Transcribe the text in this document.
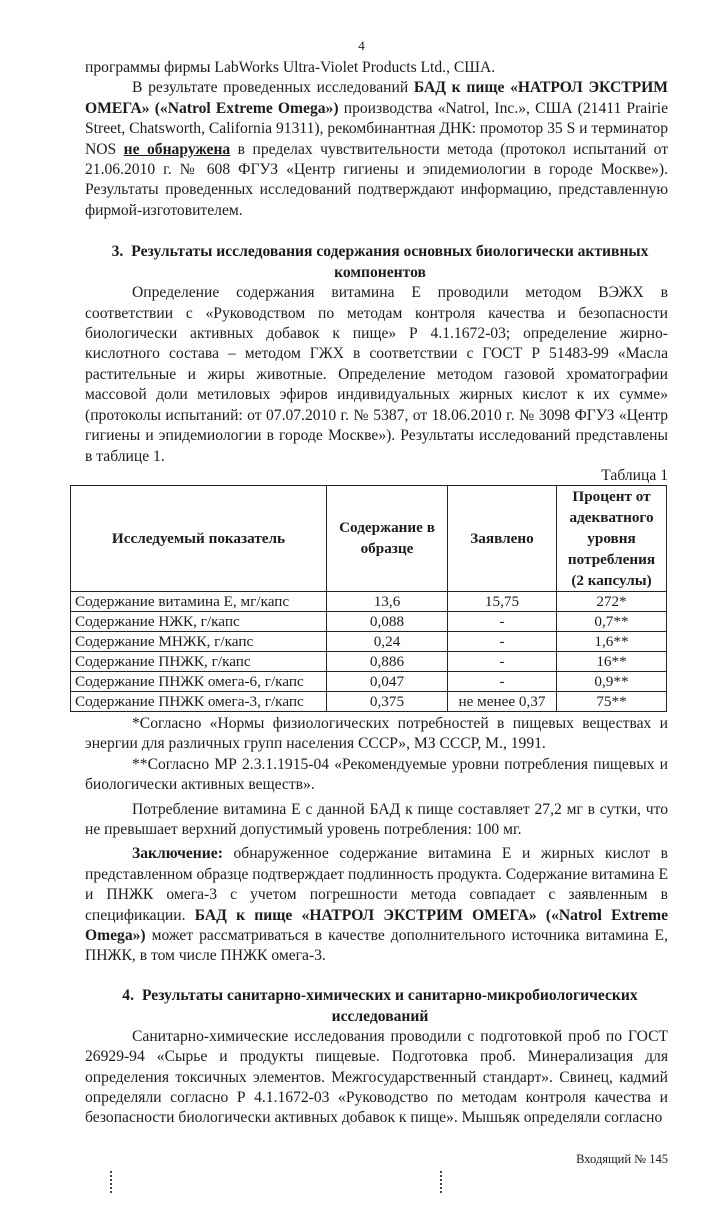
4
программы фирмы LabWorks Ultra-Violet Products Ltd., США.
В результате проведенных исследований БАД к пище «НАТРОЛ ЭКСТРИМ ОМЕГА» («Natrol Extreme Omega») производства «Natrol, Inc.», США (21411 Prairie Street, Chatsworth, California 91311), рекомбинантная ДНК: промотор 35 S и терминатор NOS не обнаружена в пределах чувствительности метода (протокол испытаний от 21.06.2010 г. № 608 ФГУЗ «Центр гигиены и эпидемиологии в городе Москве»). Результаты проведенных исследований подтверждают информацию, представленную фирмой-изготовителем.
3. Результаты исследования содержания основных биологически активных компонентов
Определение содержания витамина Е проводили методом ВЭЖХ в соответствии с «Руководством по методам контроля качества и безопасности биологически активных добавок к пище» Р 4.1.1672-03; определение жирно-кислотного состава – методом ГЖХ в соответствии с ГОСТ Р 51483-99 «Масла растительные и жиры животные. Определение методом газовой хроматографии массовой доли метиловых эфиров индивидуальных жирных кислот к их сумме» (протоколы испытаний: от 07.07.2010 г. № 5387, от 18.06.2010 г. № 3098 ФГУЗ «Центр гигиены и эпидемиологии в городе Москве»). Результаты исследований представлены в таблице 1.
Таблица 1
Исследуемый показатель	Содержание в образце	Заявлено	Процент от адекватного уровня потребления (2 капсулы)
Содержание витамина Е, мг/капс	13,6	15,75	272*
Содержание НЖК, г/капс	0,088	-	0,7**
Содержание МНЖК, г/капс	0,24	-	1,6**
Содержание ПНЖК, г/капс	0,886	-	16**
Содержание ПНЖК омега-6, г/капс	0,047	-	0,9**
Содержание ПНЖК омега-3, г/капс	0,375	не менее 0,37	75**
*Согласно «Нормы физиологических потребностей в пищевых веществах и энергии для различных групп населения СССР», МЗ СССР, М., 1991.
**Согласно МР 2.3.1.1915-04 «Рекомендуемые уровни потребления пищевых и биологически активных веществ».
Потребление витамина Е с данной БАД к пище составляет 27,2 мг в сутки, что не превышает верхний допустимый уровень потребления: 100 мг.
Заключение: обнаруженное содержание витамина Е и жирных кислот в представленном образце подтверждает подлинность продукта. Содержание витамина Е и ПНЖК омега-3 с учетом погрешности метода совпадает с заявленным в спецификации. БАД к пище «НАТРОЛ ЭКСТРИМ ОМЕГА» («Natrol Extreme Omega») может рассматриваться в качестве дополнительного источника витамина Е, ПНЖК, в том числе ПНЖК омега-3.
4. Результаты санитарно-химических и санитарно-микробиологических исследований
Санитарно-химические исследования проводили с подготовкой проб по ГОСТ 26929-94 «Сырье и продукты пищевые. Подготовка проб. Минерализация для определения токсичных элементов. Межгосударственный стандарт». Свинец, кадмий определяли согласно Р 4.1.1672-03 «Руководство по методам контроля качества и безопасности биологически активных добавок к пище». Мышьяк определяли согласно
Входящий № 145
